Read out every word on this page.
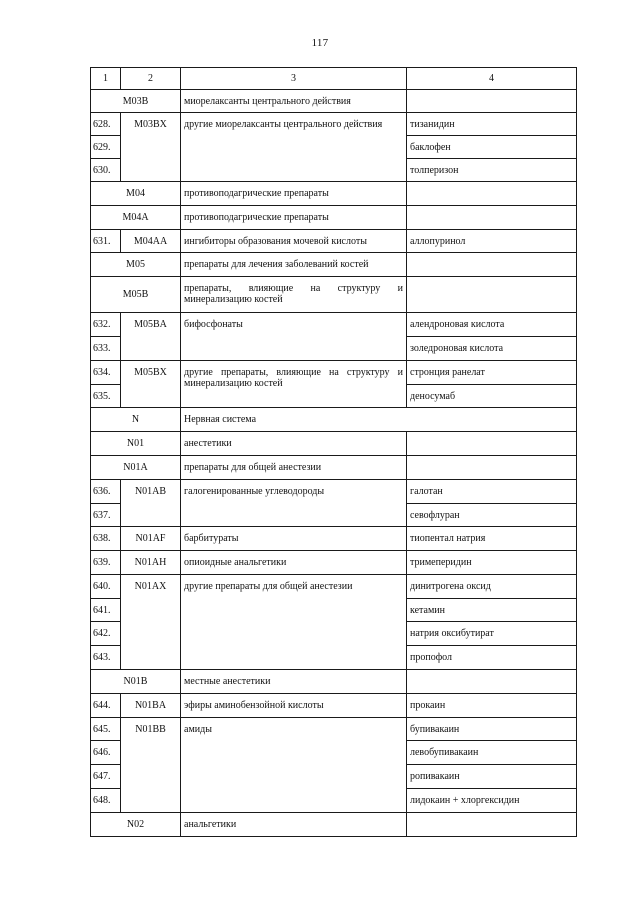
117
1	2	3	4
M03B		миорелаксанты центрального действия	
628.	M03BX	другие миорелаксанты центрального действия	тизанидин
629.			баклофен
630.			толперизон
M04		противоподагрические препараты	
M04A		противоподагрические препараты	
631.	M04AA	ингибиторы образования мочевой кислоты	аллопуринол
M05		препараты для лечения заболеваний костей	
M05B		препараты, влияющие на структуру и минерализацию костей	
632.	M05BA	бифосфонаты	алендроновая кислота
633.			золедроновая кислота
634.	M05BX	другие препараты, влияющие на структуру и минерализацию костей	стронция ранелат
635.			деносумаб
N		Нервная система	
N01		анестетики	
N01A		препараты для общей анестезии	
636.	N01AB	галогенированные углеводороды	галотан
637.			севофлуран
638.	N01AF	барбитураты	тиопентал натрия
639.	N01AH	опиоидные анальгетики	тримеперидин
640.	N01AX	другие препараты для общей анестезии	динитрогена оксид
641.			кетамин
642.			натрия оксибутират
643.			пропофол
N01B		местные анестетики	
644.	N01BA	эфиры аминобензойной кислоты	прокаин
645.	N01BB	амиды	бупивакаин
646.			левобупивакаин
647.			ропивакаин
648.			лидокаин + хлоргексидин
N02		анальгетики	
